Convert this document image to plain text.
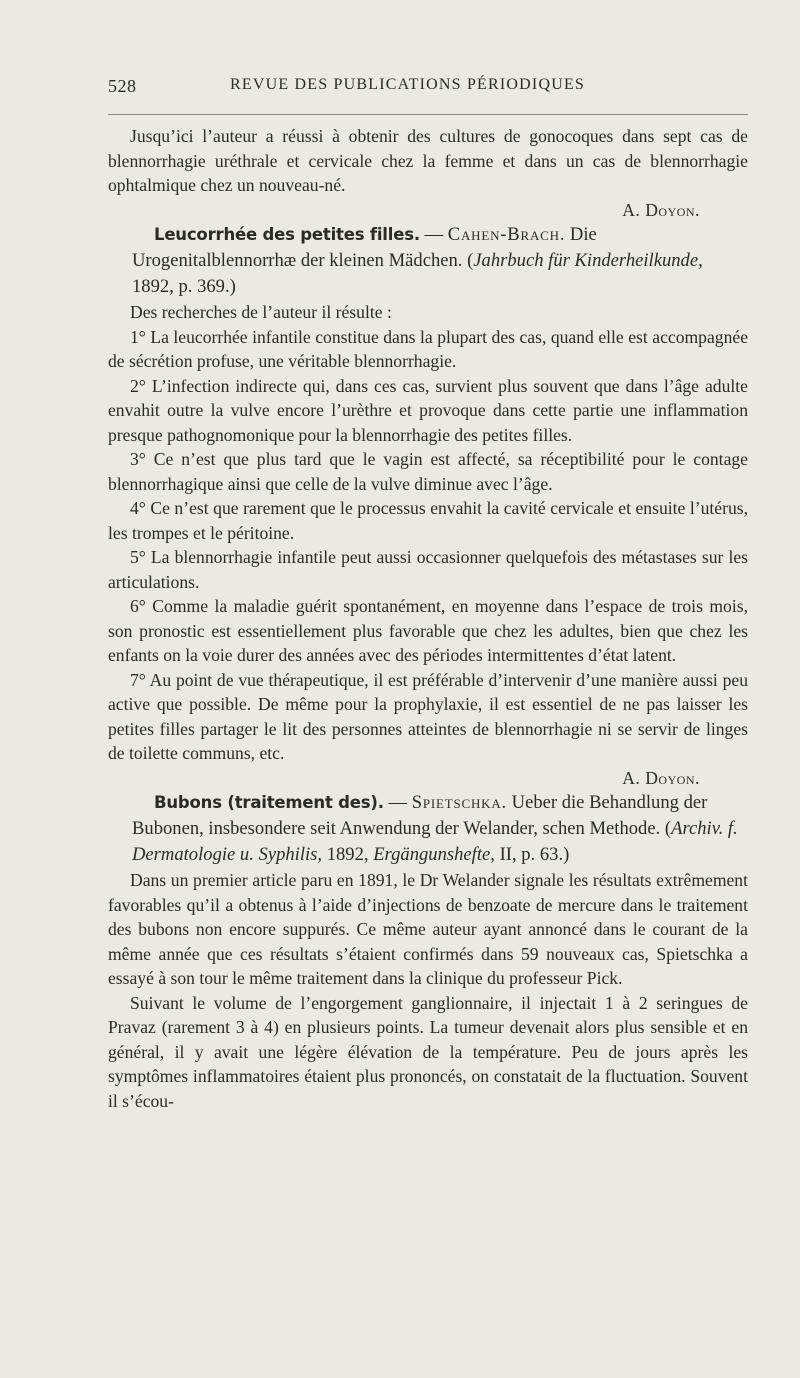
528	REVUE DES PUBLICATIONS PÉRIODIQUES

Jusqu’ici l’auteur a réussi à obtenir des cultures de gonocoques dans sept cas de blennorrhagie uréthrale et cervicale chez la femme et dans un cas de blennorrhagie ophtalmique chez un nouveau-né.

A. Doyon.

Leucorrhée des petites filles. — Cahen-Brach. Die Urogenitalblennorrhæ der kleinen Mädchen. (Jahrbuch für Kinderheilkunde, 1892, p. 369.)

Des recherches de l’auteur il résulte :

1° La leucorrhée infantile constitue dans la plupart des cas, quand elle est accompagnée de sécrétion profuse, une véritable blennorrhagie.

2° L’infection indirecte qui, dans ces cas, survient plus souvent que dans l’âge adulte envahit outre la vulve encore l’urèthre et provoque dans cette partie une inflammation presque pathognomonique pour la blennorrhagie des petites filles.

3° Ce n’est que plus tard que le vagin est affecté, sa réceptibilité pour le contage blennorrhagique ainsi que celle de la vulve diminue avec l’âge.

4° Ce n’est que rarement que le processus envahit la cavité cervicale et ensuite l’utérus, les trompes et le péritoine.

5° La blennorrhagie infantile peut aussi occasionner quelquefois des métastases sur les articulations.

6° Comme la maladie guérit spontanément, en moyenne dans l’espace de trois mois, son pronostic est essentiellement plus favorable que chez les adultes, bien que chez les enfants on la voie durer des années avec des périodes intermittentes d’état latent.

7° Au point de vue thérapeutique, il est préférable d’intervenir d’une manière aussi peu active que possible. De même pour la prophylaxie, il est essentiel de ne pas laisser les petites filles partager le lit des personnes atteintes de blennorrhagie ni se servir de linges de toilette communs, etc.

A. Doyon.

Bubons (traitement des). — Spietschka. Ueber die Behandlung der Bubonen, insbesondere seit Anwendung der Welander, schen Methode. (Archiv. f. Dermatologie u. Syphilis, 1892, Ergängunshefte, II, p. 63.)

Dans un premier article paru en 1891, le Dr Welander signale les résultats extrêmement favorables qu’il a obtenus à l’aide d’injections de benzoate de mercure dans le traitement des bubons non encore suppurés. Ce même auteur ayant annoncé dans le courant de la même année que ces résultats s’étaient confirmés dans 59 nouveaux cas, Spietschka a essayé à son tour le même traitement dans la clinique du professeur Pick.

Suivant le volume de l’engorgement ganglionnaire, il injectait 1 à 2 seringues de Pravaz (rarement 3 à 4) en plusieurs points. La tumeur devenait alors plus sensible et en général, il y avait une légère élévation de la température. Peu de jours après les symptômes inflammatoires étaient plus prononcés, on constatait de la fluctuation. Souvent il s’écou-
